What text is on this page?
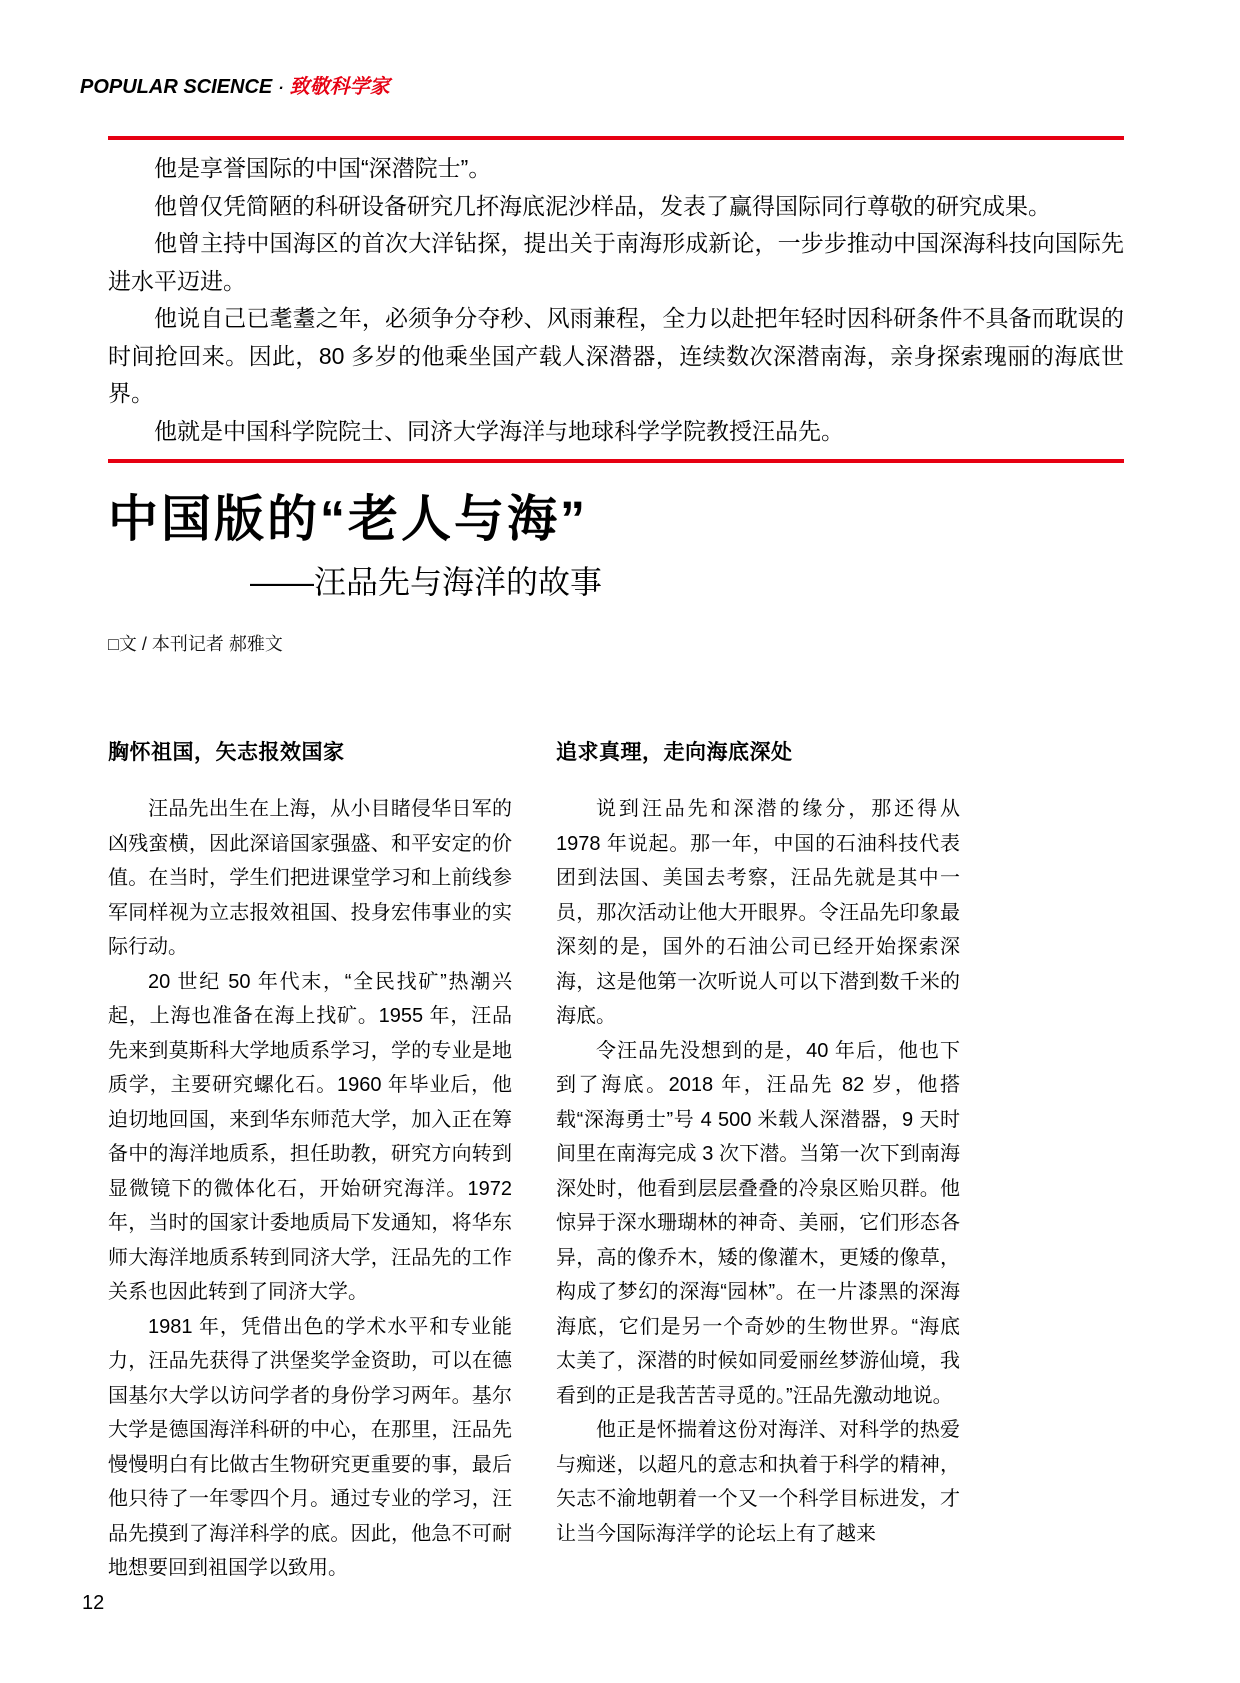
POPULAR SCIENCE · 致敬科学家

他是享誉国际的中国“深潜院士”。

他曾仅凭简陋的科研设备研究几抔海底泥沙样品，发表了赢得国际同行尊敬的研究成果。

他曾主持中国海区的首次大洋钻探，提出关于南海形成新论，一步步推动中国深海科技向国际先进水平迈进。

他说自己已耄耋之年，必须争分夺秒、风雨兼程，全力以赴把年轻时因科研条件不具备而耽误的时间抢回来。因此，80 多岁的他乘坐国产载人深潜器，连续数次深潜南海，亲身探索瑰丽的海底世界。

他就是中国科学院院士、同济大学海洋与地球科学学院教授汪品先。

中国版的“老人与海”
——汪品先与海洋的故事
□文 / 本刊记者 郝雅文
胸怀祖国，矢志报效国家

汪品先出生在上海，从小目睹侵华日军的凶残蛮横，因此深谙国家强盛、和平安定的价值。在当时，学生们把进课堂学习和上前线参军同样视为立志报效祖国、投身宏伟事业的实际行动。

20 世纪 50 年代末，“全民找矿”热潮兴起，上海也准备在海上找矿。1955 年，汪品先来到莫斯科大学地质系学习，学的专业是地质学，主要研究螺化石。1960 年毕业后，他迫切地回国，来到华东师范大学，加入正在筹备中的海洋地质系，担任助教，研究方向转到显微镜下的微体化石，开始研究海洋。1972 年，当时的国家计委地质局下发通知，将华东师大海洋地质系转到同济大学，汪品先的工作关系也因此转到了同济大学。

1981 年，凭借出色的学术水平和专业能力，汪品先获得了洪堡奖学金资助，可以在德国基尔大学以访问学者的身份学习两年。基尔大学是德国海洋科研的中心，在那里，汪品先慢慢明白有比做古生物研究更重要的事，最后他只待了一年零四个月。通过专业的学习，汪品先摸到了海洋科学的底。因此，他急不可耐地想要回到祖国学以致用。

追求真理，走向海底深处

说到汪品先和深潜的缘分，那还得从 1978 年说起。那一年，中国的石油科技代表团到法国、美国去考察，汪品先就是其中一员，那次活动让他大开眼界。令汪品先印象最深刻的是，国外的石油公司已经开始探索深海，这是他第一次听说人可以下潜到数千米的海底。

令汪品先没想到的是，40 年后，他也下到了海底。2018 年，汪品先 82 岁，他搭载“深海勇士”号 4 500 米载人深潜器，9 天时间里在南海完成 3 次下潜。当第一次下到南海深处时，他看到层层叠叠的冷泉区贻贝群。他惊异于深水珊瑚林的神奇、美丽，它们形态各异，高的像乔木，矮的像灌木，更矮的像草，构成了梦幻的深海“园林”。在一片漆黑的深海海底，它们是另一个奇妙的生物世界。“海底太美了，深潜的时候如同爱丽丝梦游仙境，我看到的正是我苦苦寻觅的。”汪品先激动地说。

他正是怀揣着这份对海洋、对科学的热爱与痴迷，以超凡的意志和执着于科学的精神，矢志不渝地朝着一个又一个科学目标进发，才让当今国际海洋学的论坛上有了越来

12
